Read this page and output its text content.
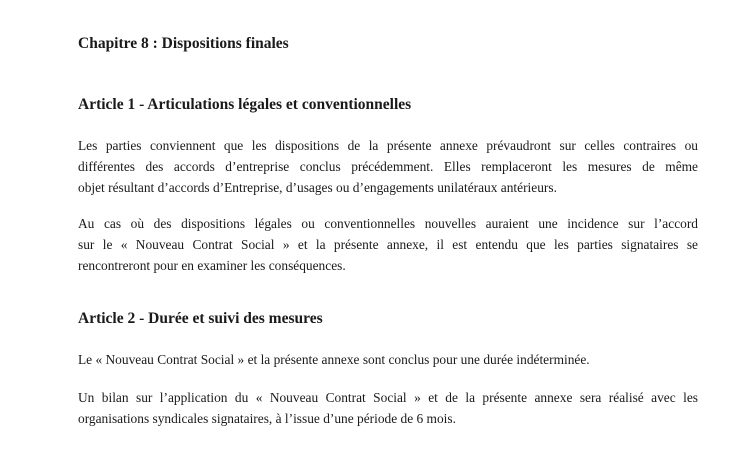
Chapitre 8 : Dispositions finales
Article 1 - Articulations légales et conventionnelles

Les parties conviennent que les dispositions de la présente annexe prévaudront sur celles contraires ou
différentes des accords d’entreprise conclus précédemment. Elles remplaceront les mesures de même
objet résultant d’accords d’Entreprise, d’usages ou d’engagements unilatéraux antérieurs.

Au cas où des dispositions légales ou conventionnelles nouvelles auraient une incidence sur l’accord
sur le « Nouveau Contrat Social » et la présente annexe, il est entendu que les parties signataires se
rencontreront pour en examiner les conséquences.

Article 2 - Durée et suivi des mesures

Le « Nouveau Contrat Social » et la présente annexe sont conclus pour une durée indéterminée.

Un bilan sur l’application du « Nouveau Contrat Social » et de la présente annexe sera réalisé avec les
organisations syndicales signataires, à l’issue d’une période de 6 mois.
